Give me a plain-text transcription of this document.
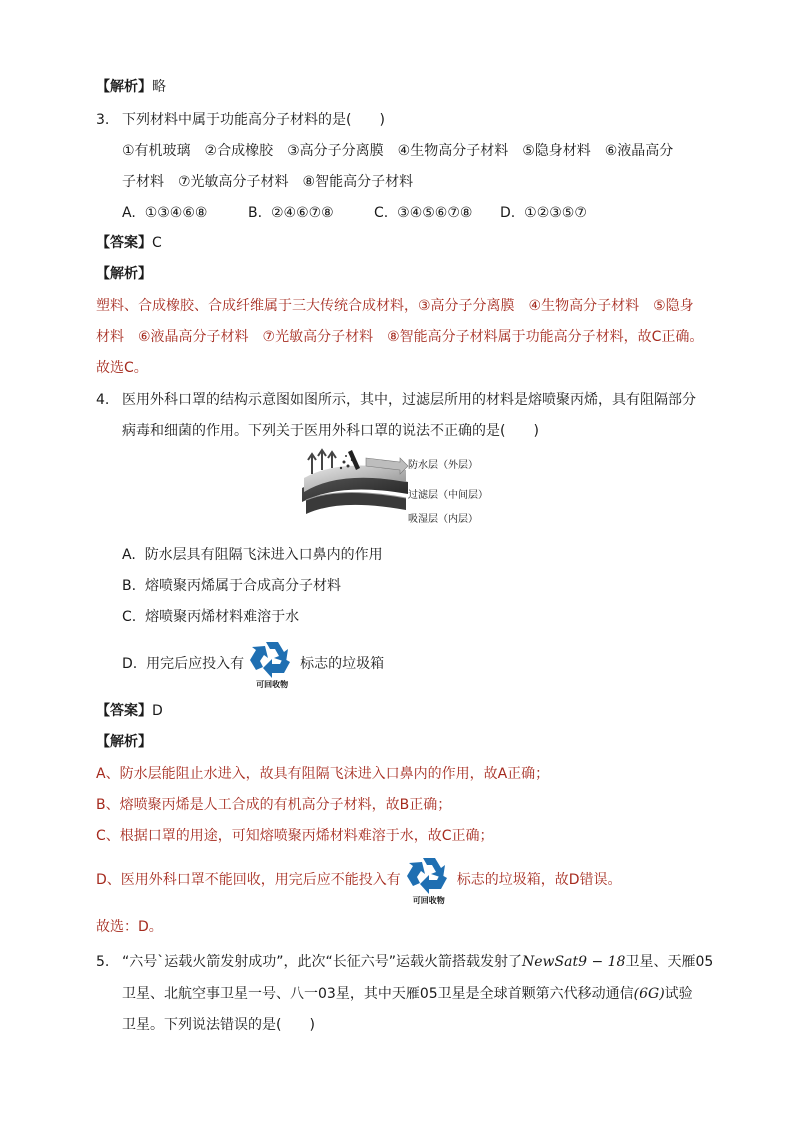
【解析】略
3. 下列材料中属于功能高分子材料的是(　　)
①有机玻璃　②合成橡胶　③高分子分离膜　④生物高分子材料　⑤隐身材料　⑥液晶高分
子材料　⑦光敏高分子材料　⑧智能高分子材料
A. ①③④⑥⑧	B. ②④⑥⑦⑧	C. ③④⑤⑥⑦⑧ D. ①②③⑤⑦
【答案】C
【解析】
塑料、合成橡胶、合成纤维属于三大传统合成材料，③高分子分离膜　④生物高分子材料　⑤隐身
材料　⑥液晶高分子材料　⑦光敏高分子材料　⑧智能高分子材料属于功能高分子材料，故C正确。
故选C。
4. 医用外科口罩的结构示意图如图所示，其中，过滤层所用的材料是熔喷聚丙烯，具有阻隔部分
病毒和细菌的作用。下列关于医用外科口罩的说法不正确的是(　　)
防水层（外层）
过滤层（中间层）
吸湿层（内层）
A. 防水层具有阻隔飞沫进入口鼻内的作用
B. 熔喷聚丙烯属于合成高分子材料
C. 熔喷聚丙烯材料难溶于水
D. 用完后应投入有
可回收物
标志的垃圾箱
【答案】D
【解析】
A、防水层能阻止水进入，故具有阻隔飞沫进入口鼻内的作用，故A正确；
B、熔喷聚丙烯是人工合成的有机高分子材料，故B正确；
C、根据口罩的用途，可知熔喷聚丙烯材料难溶于水，故C正确；
D、医用外科口罩不能回收，用完后应不能投入有
可回收物
标志的垃圾箱，故D错误。
故选：D。
5. “六号`运载火箭发射成功”，此次“长征六号”运载火箭搭载发射了NewSat9 − 18卫星、天雁05
卫星、北航空事卫星一号、八一03星，其中天雁05卫星是全球首颗第六代移动通信(6G)试验
卫星。下列说法错误的是(　　)
